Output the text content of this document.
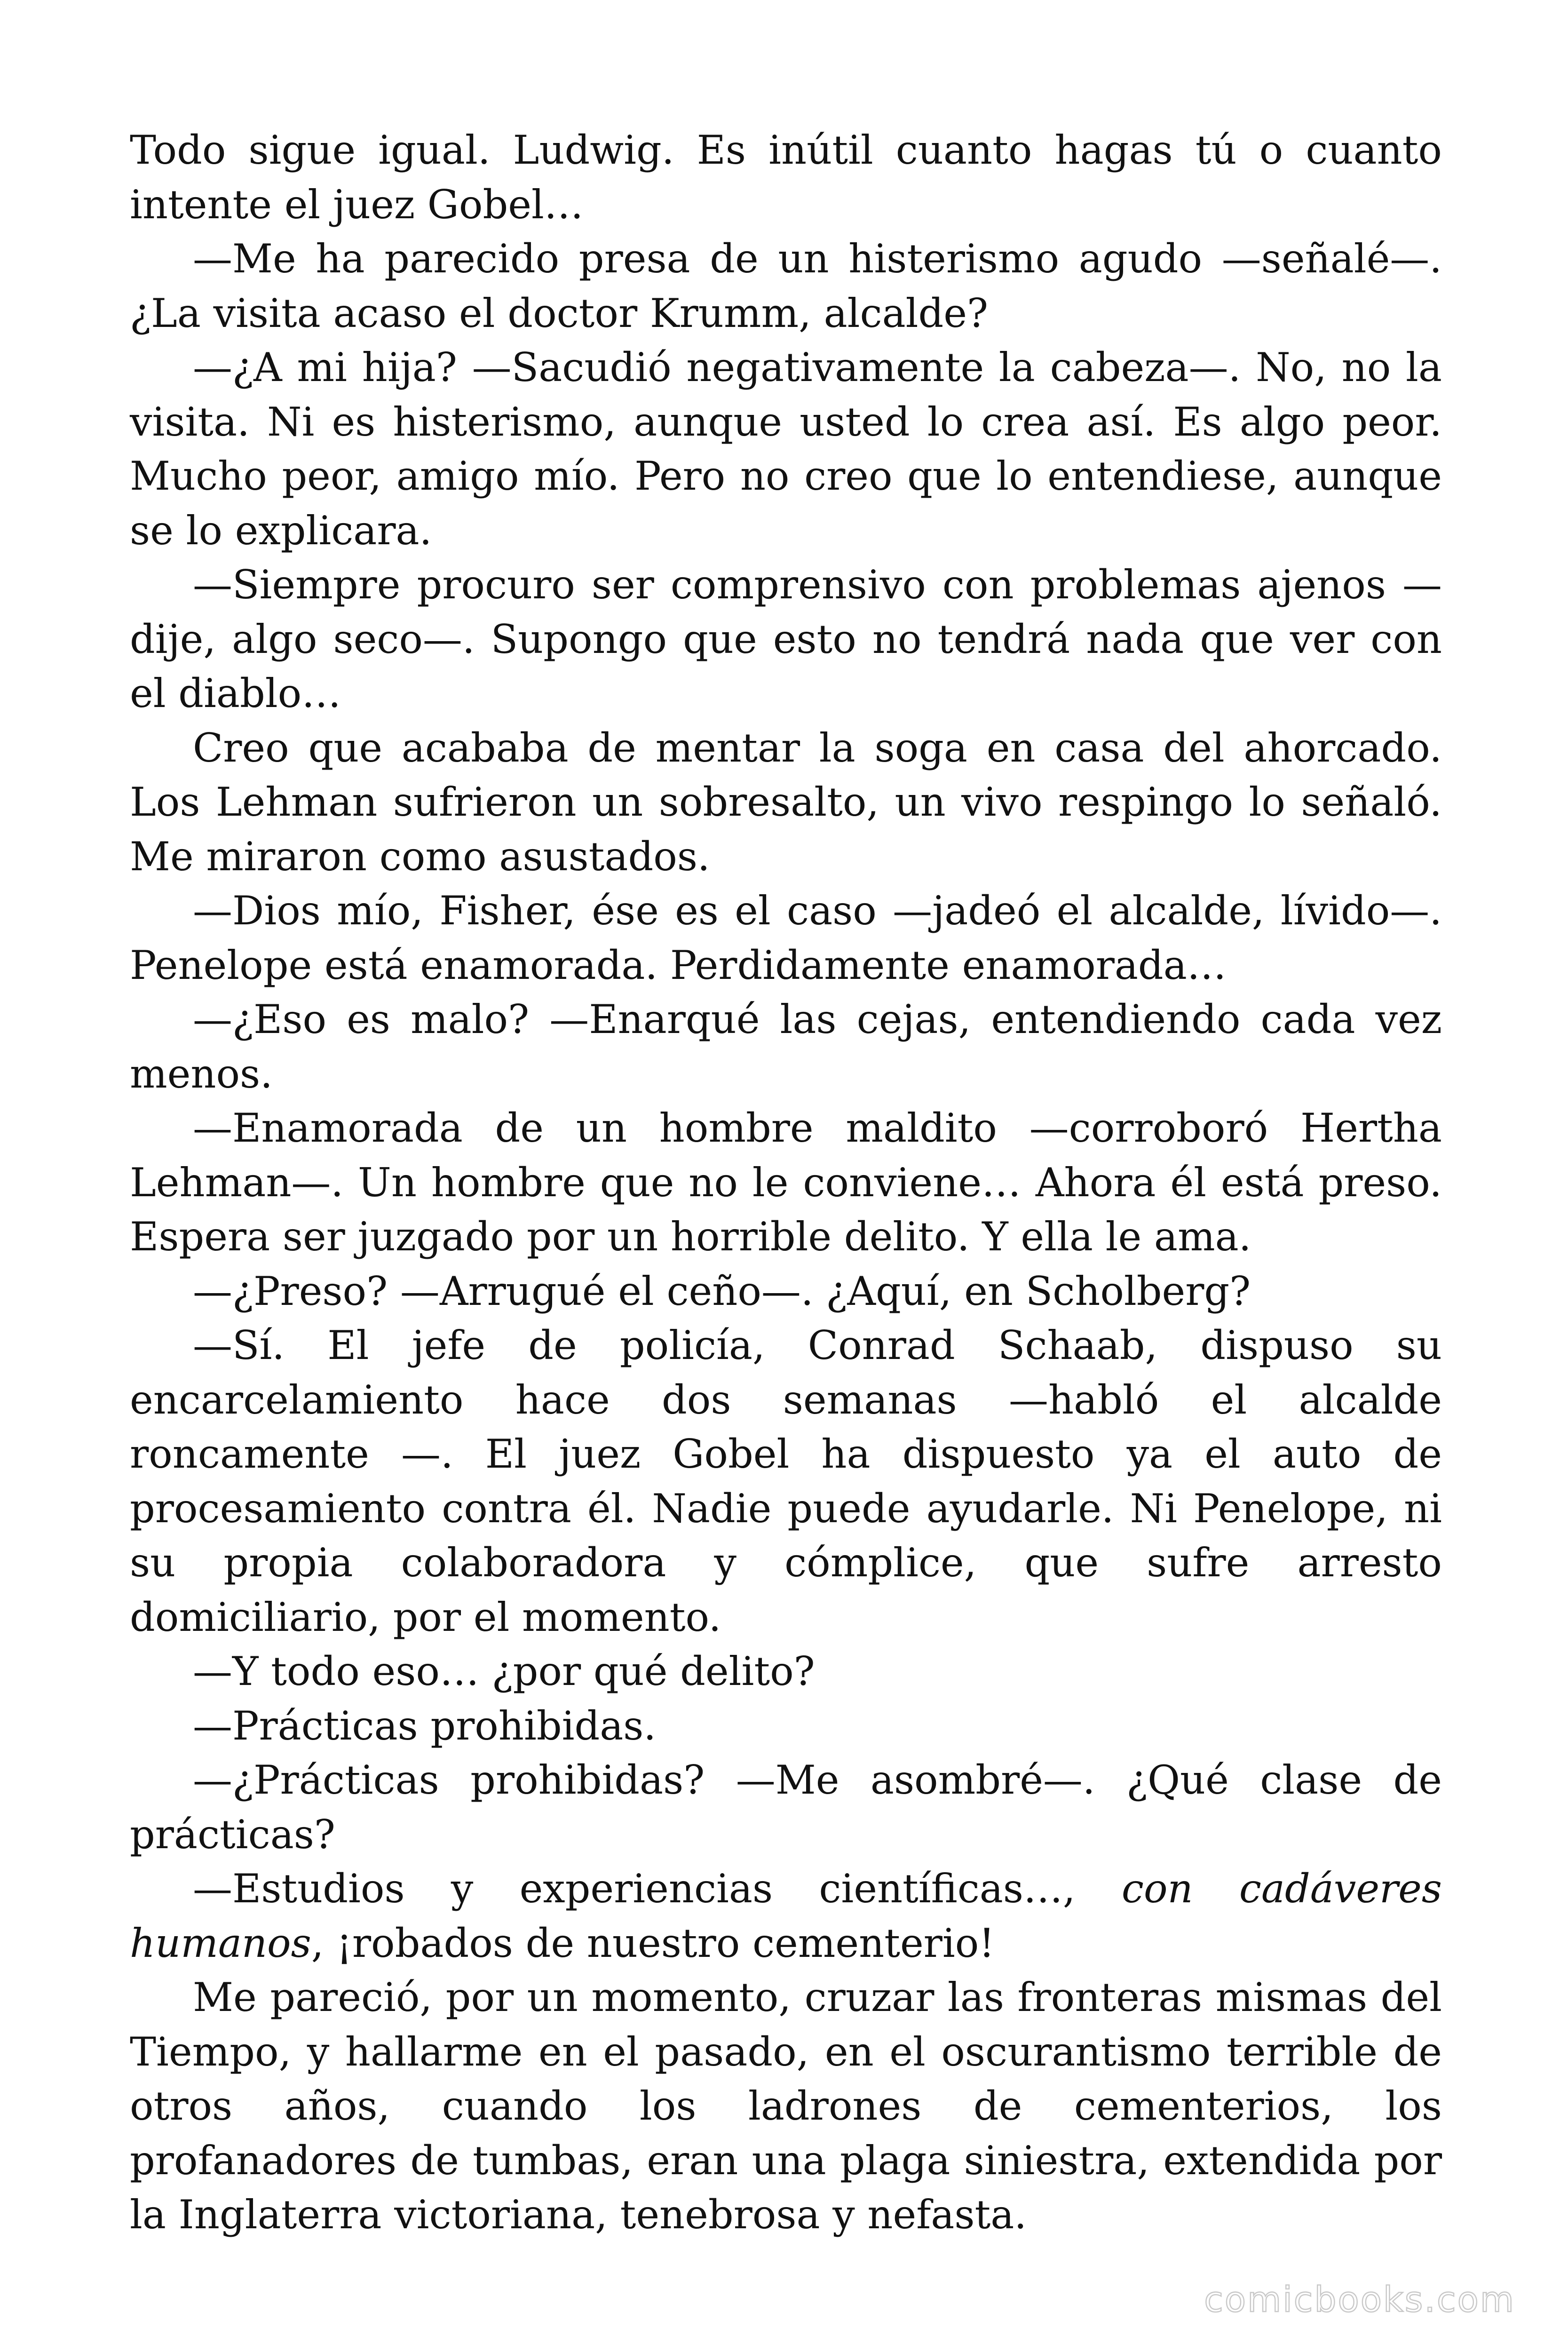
Todo sigue igual. Ludwig. Es inútil cuanto hagas tú o cuanto intente el juez Gobel…

—Me ha parecido presa de un histerismo agudo —señalé—. ¿La visita acaso el doctor Krumm, alcalde?

—¿A mi hija? —Sacudió negativamente la cabeza—. No, no la visita. Ni es histerismo, aunque usted lo crea así. Es algo peor. Mucho peor, amigo mío. Pero no creo que lo entendiese, aunque se lo explicara.

—Siempre procuro ser comprensivo con problemas ajenos —dije, algo seco—. Supongo que esto no tendrá nada que ver con el diablo…

Creo que acababa de mentar la soga en casa del ahorcado. Los Lehman sufrieron un sobresalto, un vivo respingo lo señaló. Me miraron como asustados.

—Dios mío, Fisher, ése es el caso —jadeó el alcalde, lívido—. Penelope está enamorada. Perdidamente enamorada…

—¿Eso es malo? —Enarqué las cejas, entendiendo cada vez menos.

—Enamorada de un hombre maldito —corroboró Hertha Lehman—. Un hombre que no le conviene… Ahora él está preso. Espera ser juzgado por un horrible delito. Y ella le ama.

—¿Preso? —Arrugué el ceño—. ¿Aquí, en Scholberg?

—Sí. El jefe de policía, Conrad Schaab, dispuso su encarcelamiento hace dos semanas —habló el alcalde roncamente —. El juez Gobel ha dispuesto ya el auto de procesamiento contra él. Nadie puede ayudarle. Ni Penelope, ni su propia colaboradora y cómplice, que sufre arresto domiciliario, por el momento.

—Y todo eso… ¿por qué delito?

—Prácticas prohibidas.

—¿Prácticas prohibidas? —Me asombré—. ¿Qué clase de prácticas?

—Estudios y experiencias científicas…, con cadáveres humanos, ¡robados de nuestro cementerio!

Me pareció, por un momento, cruzar las fronteras mismas del Tiempo, y hallarme en el pasado, en el oscurantismo terrible de otros años, cuando los ladrones de cementerios, los profanadores de tumbas, eran una plaga siniestra, extendida por la Inglaterra victoriana, tenebrosa y nefasta.

comicbooks.com
